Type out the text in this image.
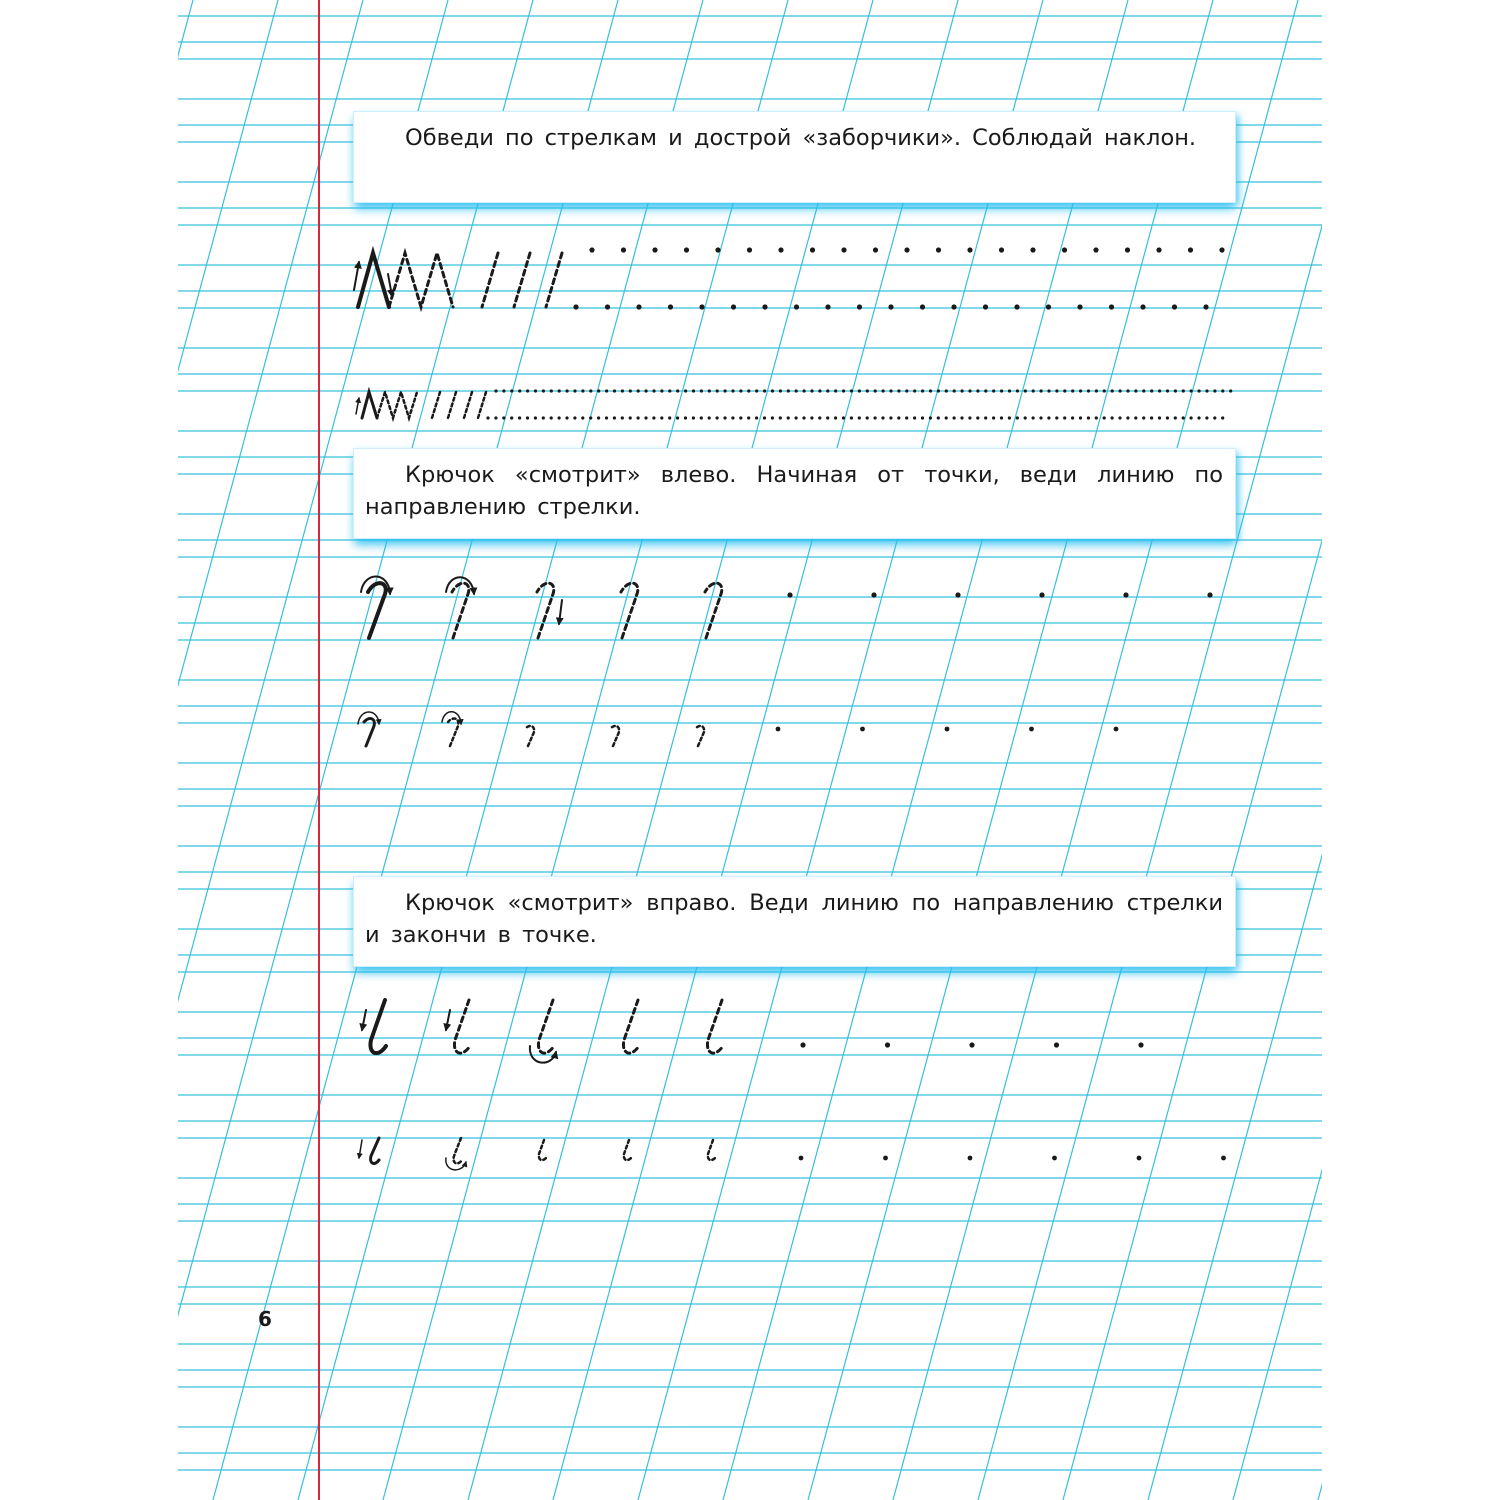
Обведи по стрелкам и дострой «заборчики». Соблюдай наклон.

Крючок «смотрит» влево. Начиная от точки, веди линию по направлению стрелки.

Крючок «смотрит» вправо. Веди линию по направлению стрелки и закончи в точке.

6
